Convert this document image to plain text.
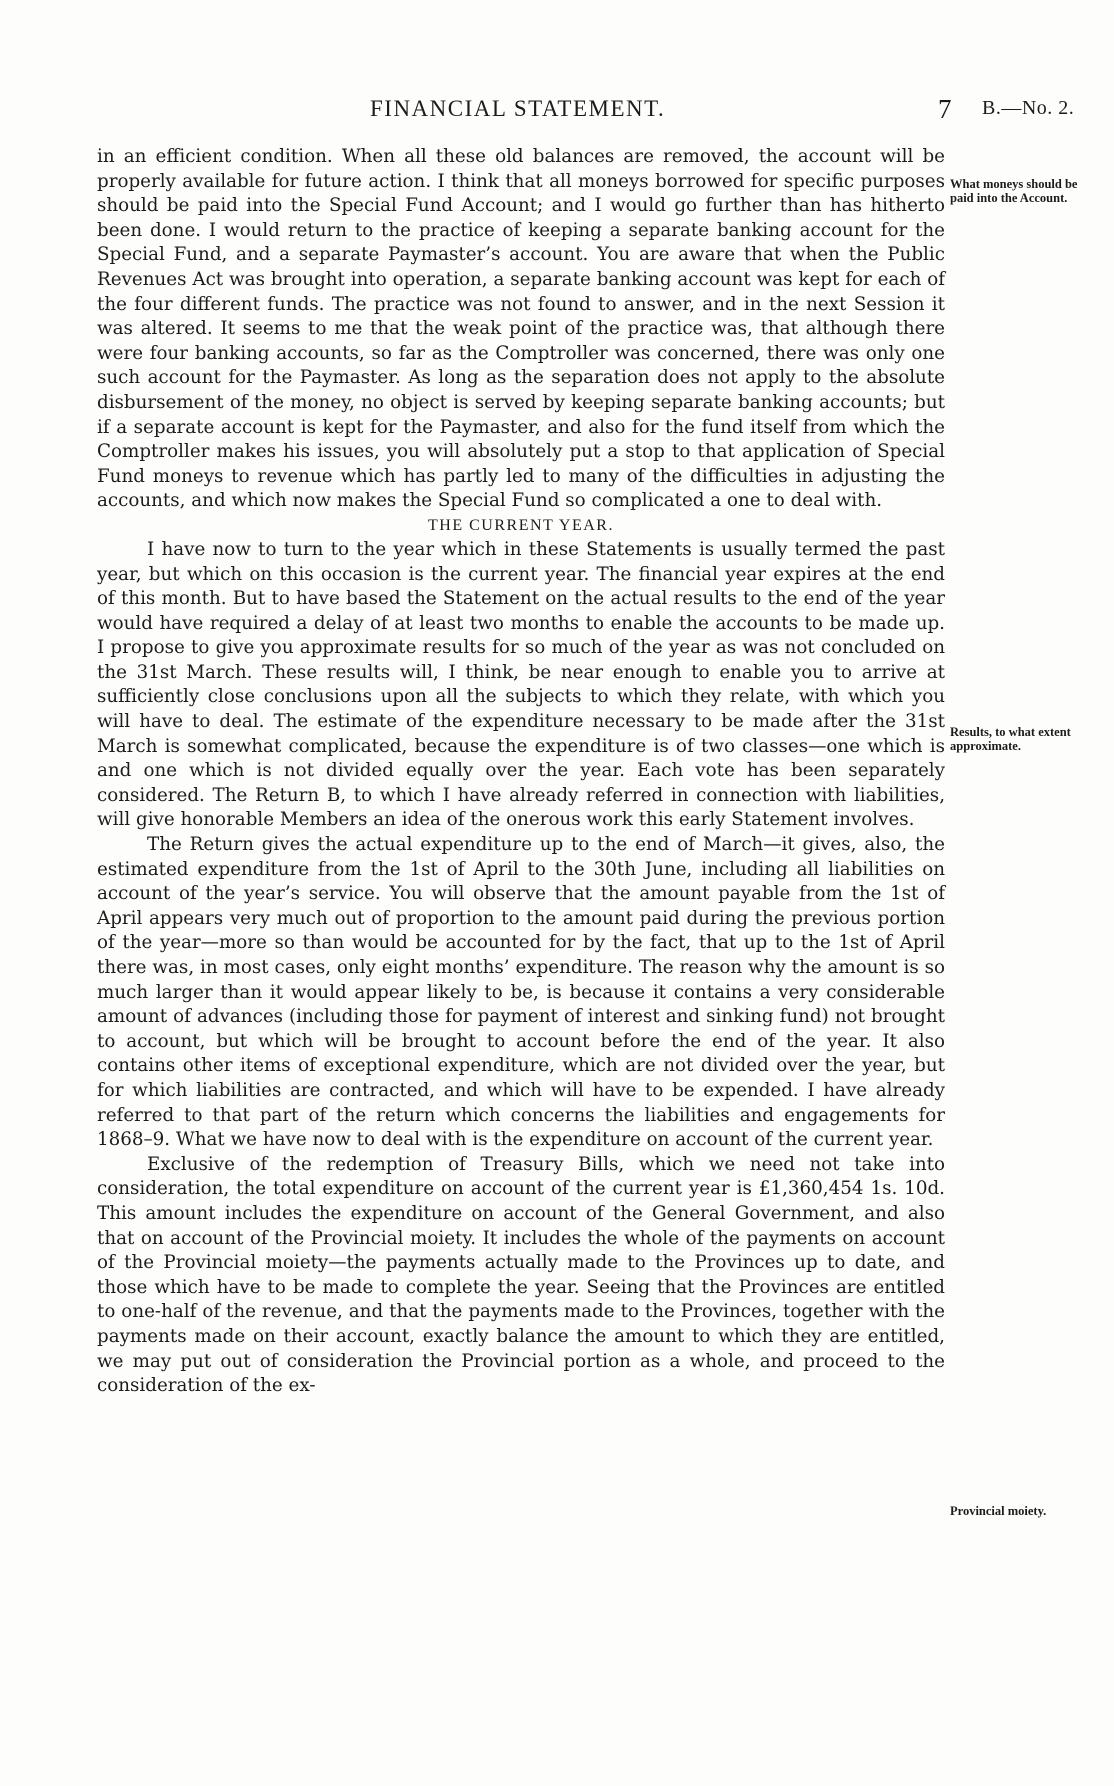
FINANCIAL STATEMENT.	7 B.—No. 2.

in an efficient condition. When all these old balances are removed, the account will be properly available for future action. I think that all moneys borrowed for specific purposes should be paid into the Special Fund Account; and I would go further than has hitherto been done. I would return to the practice of keeping a separate banking account for the Special Fund, and a separate Paymaster’s account. You are aware that when the Public Revenues Act was brought into operation, a separate banking account was kept for each of the four different funds. The practice was not found to answer, and in the next Session it was altered. It seems to me that the weak point of the practice was, that although there were four banking accounts, so far as the Comptroller was concerned, there was only one such account for the Paymaster. As long as the separation does not apply to the absolute disbursement of the money, no object is served by keeping separate banking accounts; but if a separate account is kept for the Paymaster, and also for the fund itself from which the Comptroller makes his issues, you will absolutely put a stop to that application of Special Fund moneys to revenue which has partly led to many of the difficulties in adjusting the accounts, and which now makes the Special Fund so complicated a one to deal with.

THE CURRENT YEAR.

I have now to turn to the year which in these Statements is usually termed the past year, but which on this occasion is the current year. The financial year expires at the end of this month. But to have based the Statement on the actual results to the end of the year would have required a delay of at least two months to enable the accounts to be made up. I propose to give you approximate results for so much of the year as was not concluded on the 31st March. These results will, I think, be near enough to enable you to arrive at sufficiently close conclusions upon all the subjects to which they relate, with which you will have to deal. The estimate of the expenditure necessary to be made after the 31st March is somewhat complicated, because the expenditure is of two classes—one which is and one which is not divided equally over the year. Each vote has been separately considered. The Return B, to which I have already referred in connection with liabilities, will give honorable Members an idea of the onerous work this early Statement involves.

The Return gives the actual expenditure up to the end of March—it gives, also, the estimated expenditure from the 1st of April to the 30th June, including all liabilities on account of the year’s service. You will observe that the amount payable from the 1st of April appears very much out of proportion to the amount paid during the previous portion of the year—more so than would be accounted for by the fact, that up to the 1st of April there was, in most cases, only eight months’ expenditure. The reason why the amount is so much larger than it would appear likely to be, is because it contains a very considerable amount of advances (including those for payment of interest and sinking fund) not brought to account, but which will be brought to account before the end of the year. It also contains other items of exceptional expenditure, which are not divided over the year, but for which liabilities are contracted, and which will have to be expended. I have already referred to that part of the return which concerns the liabilities and engagements for 1868–9. What we have now to deal with is the expenditure on account of the current year.

Exclusive of the redemption of Treasury Bills, which we need not take into consideration, the total expenditure on account of the current year is £1,360,454 1s. 10d. This amount includes the expenditure on account of the General Government, and also that on account of the Provincial moiety. It includes the whole of the payments on account of the Provincial moiety—the payments actually made to the Provinces up to date, and those which have to be made to complete the year. Seeing that the Provinces are entitled to one-half of the revenue, and that the payments made to the Provinces, together with the payments made on their account, exactly balance the amount to which they are entitled, we may put out of consideration the Provincial portion as a whole, and proceed to the consideration of the ex-

What moneys should be paid into the Account.
Results, to what extent approximate.
Provincial moiety.
